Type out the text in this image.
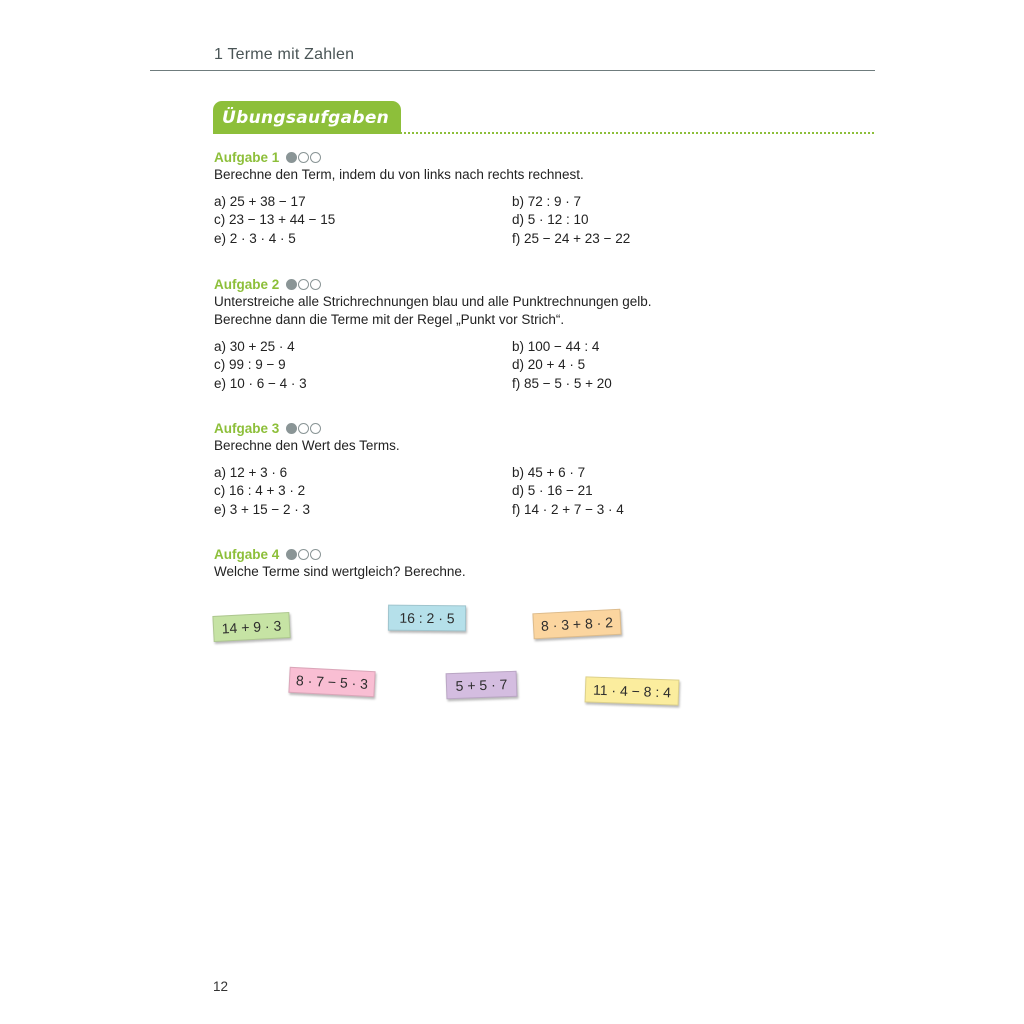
1 Terme mit Zahlen
Übungsaufgaben
Aufgabe 1

Berechne den Term, indem du von links nach rechts rechnest.

a) 25 + 38 − 17	b) 72 : 9 · 7
c) 23 − 13 + 44 − 15	d) 5 · 12 : 10
e) 2 · 3 · 4 · 5	f) 25 − 24 + 23 − 22
Aufgabe 2

Unterstreiche alle Strichrechnungen blau und alle Punktrechnungen gelb.

Berechne dann die Terme mit der Regel „Punkt vor Strich“.

a) 30 + 25 · 4	b) 100 − 44 : 4
c) 99 : 9 − 9	d) 20 + 4 · 5
e) 10 · 6 − 4 · 3	f) 85 − 5 · 5 + 20
Aufgabe 3

Berechne den Wert des Terms.

a) 12 + 3 · 6	b) 45 + 6 · 7
c) 16 : 4 + 3 · 2	d) 5 · 16 − 21
e) 3 + 15 − 2 · 3	f) 14 · 2 + 7 − 3 · 4
Aufgabe 4

Welche Terme sind wertgleich? Berechne.

14 + 9 · 3	16 : 2 · 5	8 · 3 + 8 · 2
8 · 7 − 5 · 3	5 + 5 · 7	11 · 4 − 8 : 4
12
